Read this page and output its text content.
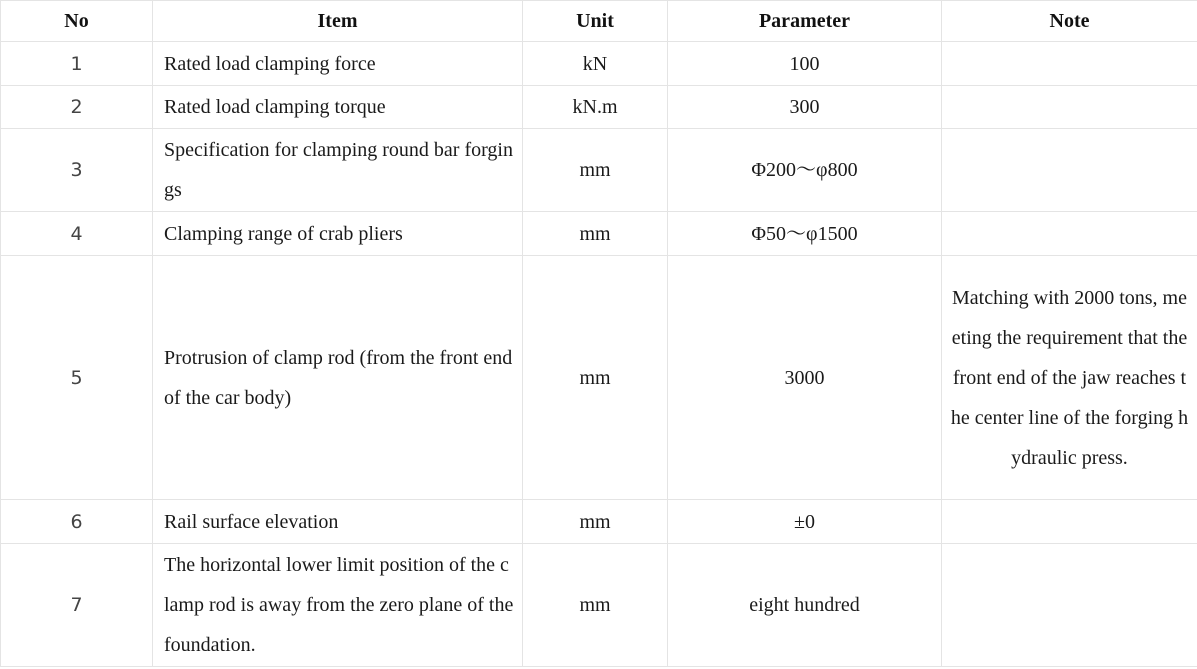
No	Item	Unit	Parameter	Note
1	Rated load clamping force	kN	100	
2	Rated load clamping torque	kN.m	300	
3	Specification for clamping round bar forgings	mm	Φ200～φ800	
4	Clamping range of crab pliers	mm	Φ50～φ1500	
5	Protrusion of clamp rod (from the front end of the car body)	mm	3000	Matching with 2000 tons, meeting the requirement that the front end of the jaw reaches the center line of the forging hydraulic press.
6	Rail surface elevation	mm	±0	
7	The horizontal lower limit position of the clamp rod is away from the zero plane of the foundation.	mm	eight hundred	
